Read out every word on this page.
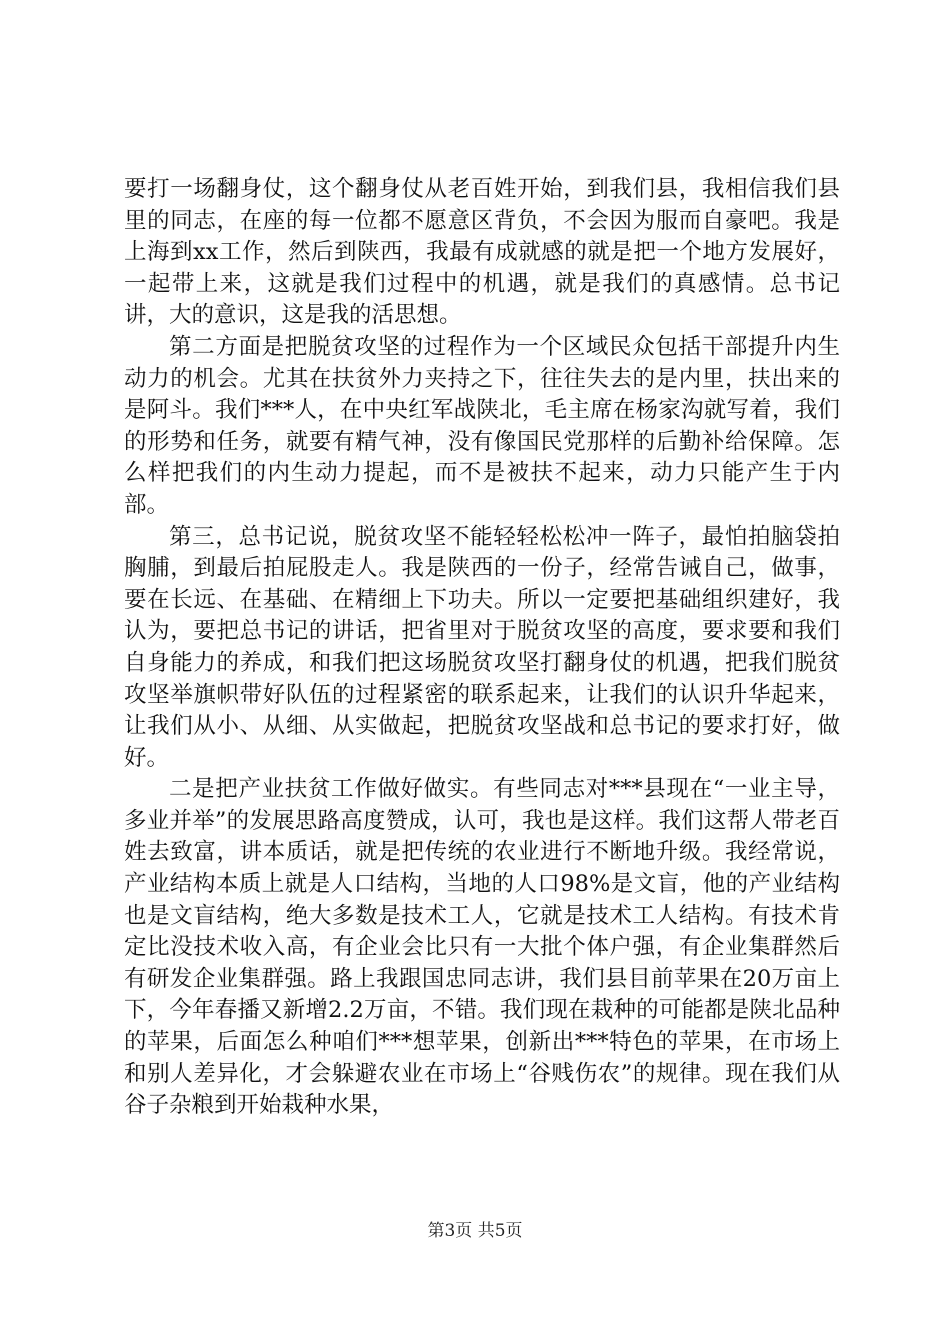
要打一场翻身仗，这个翻身仗从老百姓开始，到我们县，我相信我们县里的同志，在座的每一位都不愿意区背负，不会因为服而自豪吧。我是上海到xx工作，然后到陕西，我最有成就感的就是把一个地方发展好，一起带上来，这就是我们过程中的机遇，就是我们的真感情。总书记讲，大的意识，这是我的活思想。

第二方面是把脱贫攻坚的过程作为一个区域民众包括干部提升内生动力的机会。尤其在扶贫外力夹持之下，往往失去的是内里，扶出来的是阿斗。我们***人，在中央红军战陕北，毛主席在杨家沟就写着，我们的形势和任务，就要有精气神，没有像国民党那样的后勤补给保障。怎么样把我们的内生动力提起，而不是被扶不起来，动力只能产生于内部。

第三，总书记说，脱贫攻坚不能轻轻松松冲一阵子，最怕拍脑袋拍胸脯，到最后拍屁股走人。我是陕西的一份子，经常告诫自己，做事，要在长远、在基础、在精细上下功夫。所以一定要把基础组织建好，我认为，要把总书记的讲话，把省里对于脱贫攻坚的高度，要求要和我们自身能力的养成，和我们把这场脱贫攻坚打翻身仗的机遇，把我们脱贫攻坚举旗帜带好队伍的过程紧密的联系起来，让我们的认识升华起来，让我们从小、从细、从实做起，把脱贫攻坚战和总书记的要求打好，做好。

二是把产业扶贫工作做好做实。有些同志对***县现在“一业主导，多业并举”的发展思路高度赞成，认可，我也是这样。我们这帮人带老百姓去致富，讲本质话，就是把传统的农业进行不断地升级。我经常说，产业结构本质上就是人口结构，当地的人口98%是文盲，他的产业结构也是文盲结构，绝大多数是技术工人，它就是技术工人结构。有技术肯定比没技术收入高，有企业会比只有一大批个体户强，有企业集群然后有研发企业集群强。路上我跟国忠同志讲，我们县目前苹果在20万亩上下，今年春播又新增2.2万亩，不错。我们现在栽种的可能都是陕北品种的苹果，后面怎么种咱们***想苹果，创新出***特色的苹果，在市场上和别人差异化，才会躲避农业在市场上“谷贱伤农”的规律。现在我们从谷子杂粮到开始栽种水果，

第3页 共5页
